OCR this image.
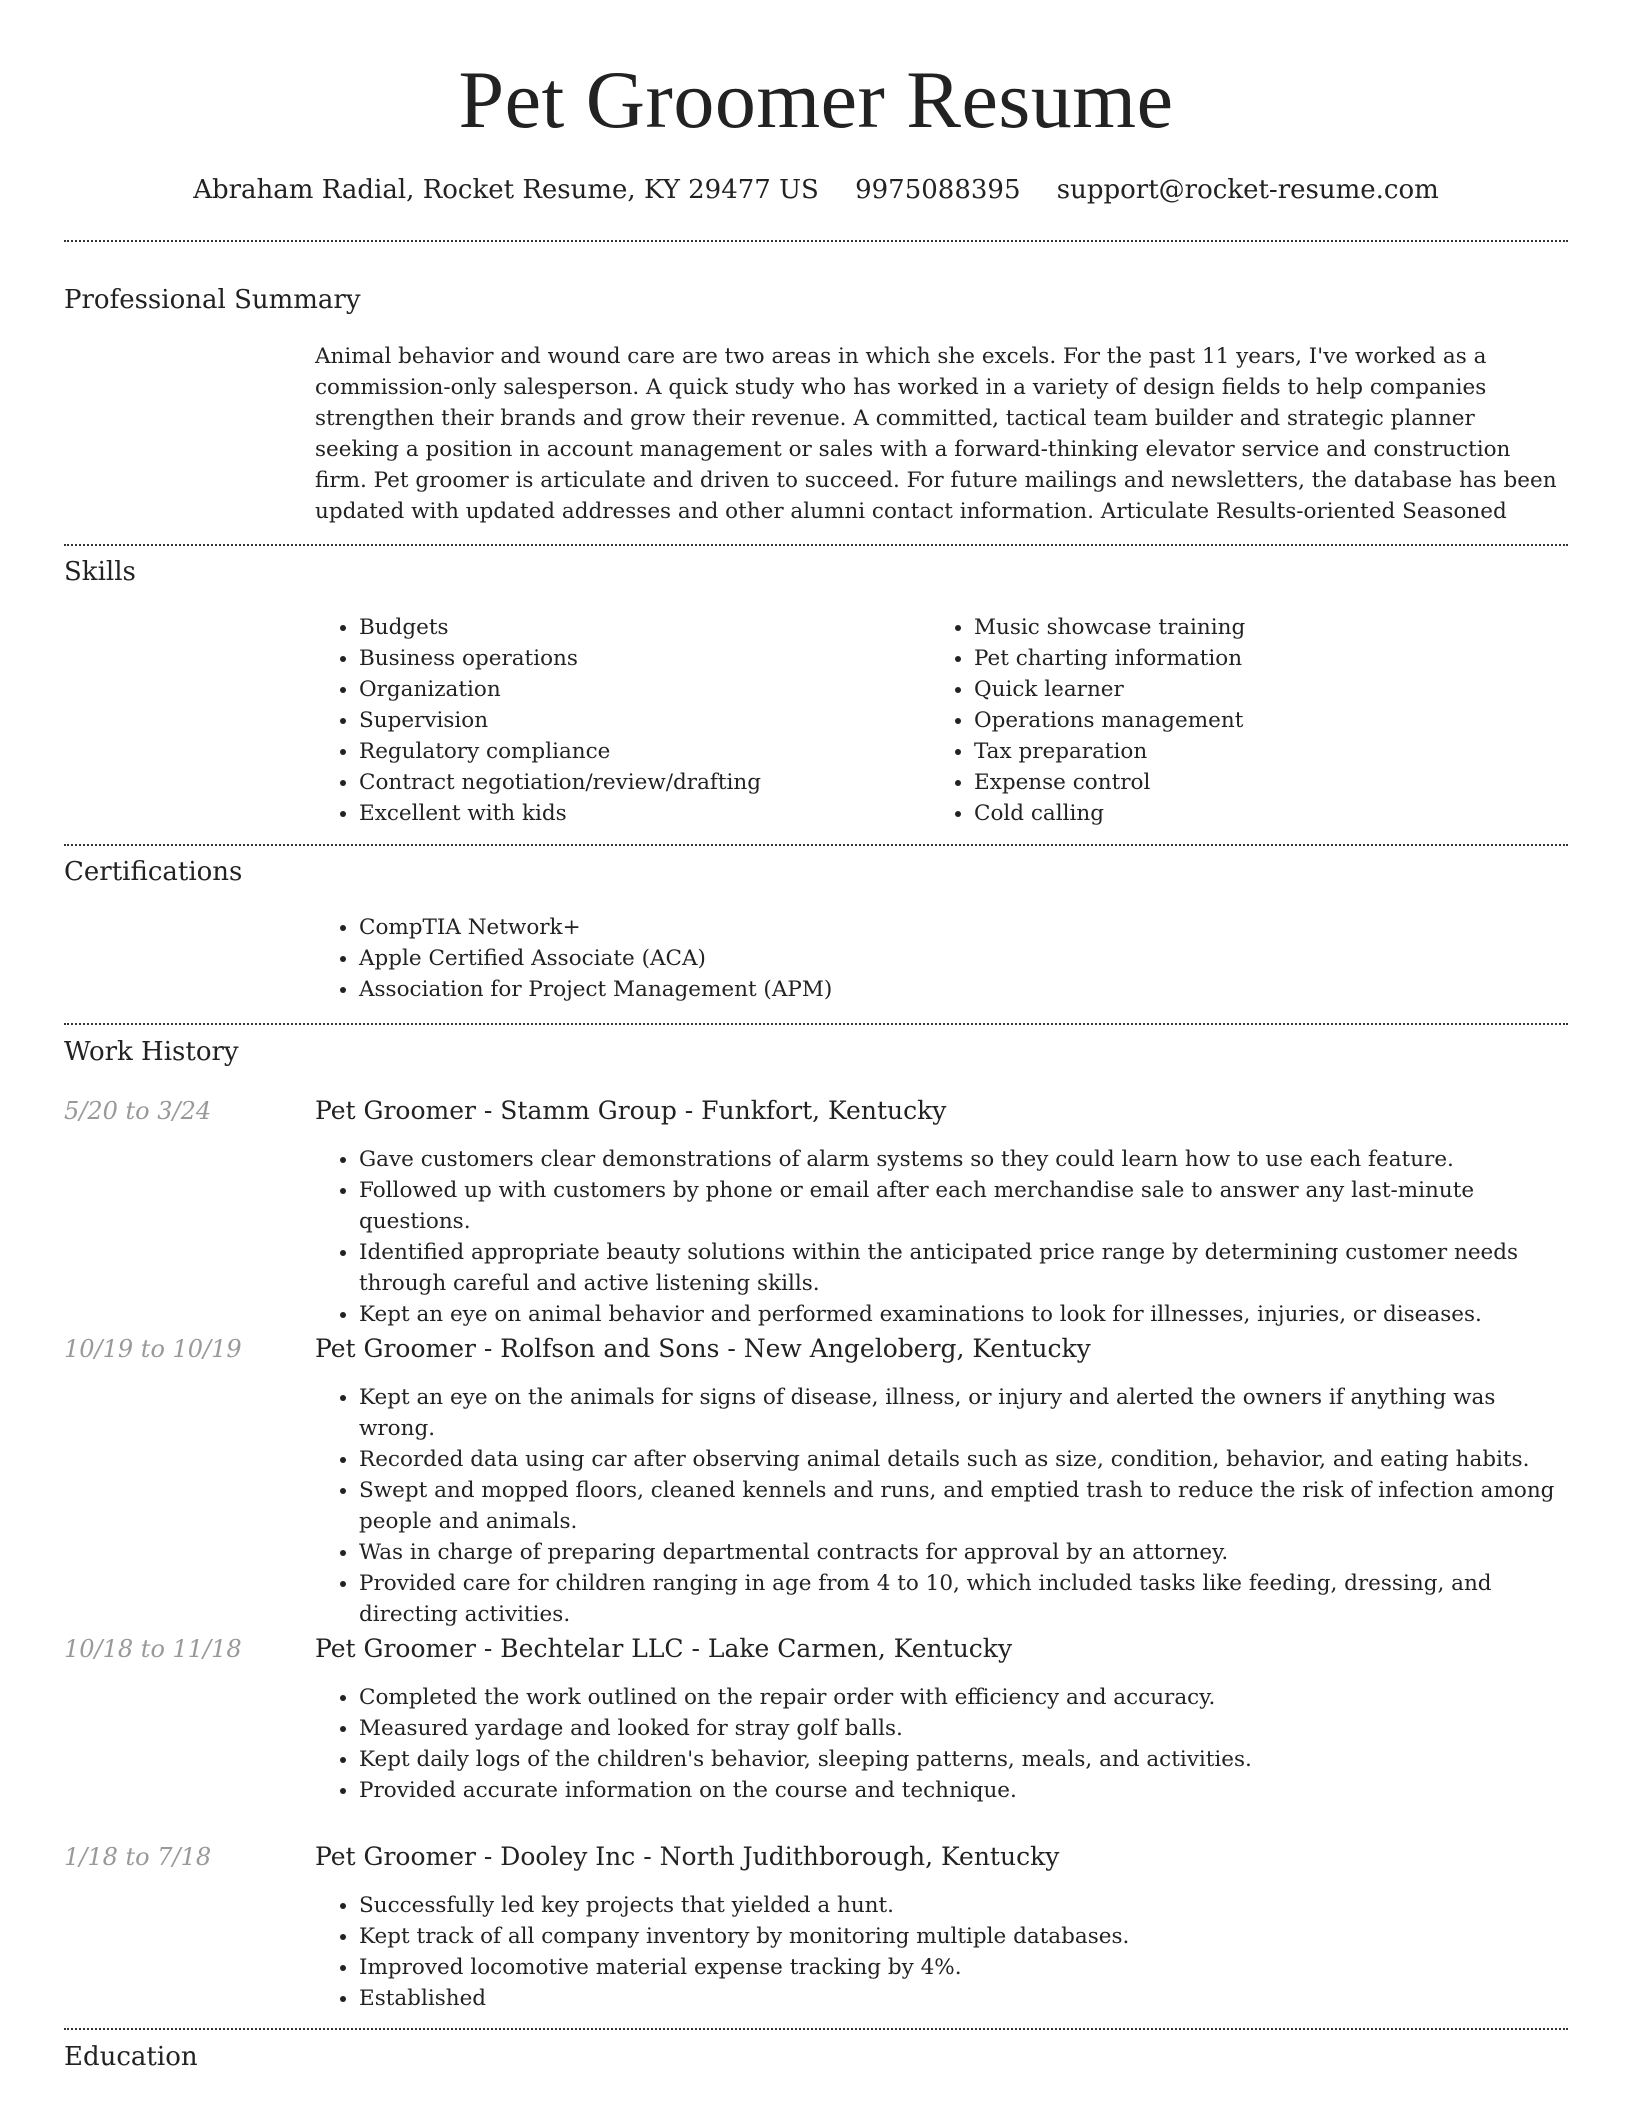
Pet Groomer Resume
Abraham Radial, Rocket Resume, KY 29477 US 9975088395 support@rocket-resume.com
Professional Summary
Animal behavior and wound care are two areas in which she excels. For the past 11 years, I've worked as a commission-only salesperson. A quick study who has worked in a variety of design fields to help companies strengthen their brands and grow their revenue. A committed, tactical team builder and strategic planner seeking a position in account management or sales with a forward-thinking elevator service and construction firm. Pet groomer is articulate and driven to succeed. For future mailings and newsletters, the database has been updated with updated addresses and other alumni contact information. Articulate Results-oriented Seasoned
Skills
• Budgets
• Business operations
• Organization
• Supervision
• Regulatory compliance
• Contract negotiation/review/drafting
• Excellent with kids
• Music showcase training
• Pet charting information
• Quick learner
• Operations management
• Tax preparation
• Expense control
• Cold calling
Certifications
• CompTIA Network+
• Apple Certified Associate (ACA)
• Association for Project Management (APM)
Work History
5/20 to 3/24	Pet Groomer - Stamm Group - Funkfort, Kentucky
• Gave customers clear demonstrations of alarm systems so they could learn how to use each feature.
• Followed up with customers by phone or email after each merchandise sale to answer any last-minute questions.
• Identified appropriate beauty solutions within the anticipated price range by determining customer needs through careful and active listening skills.
• Kept an eye on animal behavior and performed examinations to look for illnesses, injuries, or diseases.
10/19 to 10/19	Pet Groomer - Rolfson and Sons - New Angeloberg, Kentucky
• Kept an eye on the animals for signs of disease, illness, or injury and alerted the owners if anything was wrong.
• Recorded data using car after observing animal details such as size, condition, behavior, and eating habits.
• Swept and mopped floors, cleaned kennels and runs, and emptied trash to reduce the risk of infection among people and animals.
• Was in charge of preparing departmental contracts for approval by an attorney.
• Provided care for children ranging in age from 4 to 10, which included tasks like feeding, dressing, and directing activities.
10/18 to 11/18	Pet Groomer - Bechtelar LLC - Lake Carmen, Kentucky
• Completed the work outlined on the repair order with efficiency and accuracy.
• Measured yardage and looked for stray golf balls.
• Kept daily logs of the children's behavior, sleeping patterns, meals, and activities.
• Provided accurate information on the course and technique.
1/18 to 7/18	Pet Groomer - Dooley Inc - North Judithborough, Kentucky
• Successfully led key projects that yielded a hunt.
• Kept track of all company inventory by monitoring multiple databases.
• Improved locomotive material expense tracking by 4%.
• Established
Education
